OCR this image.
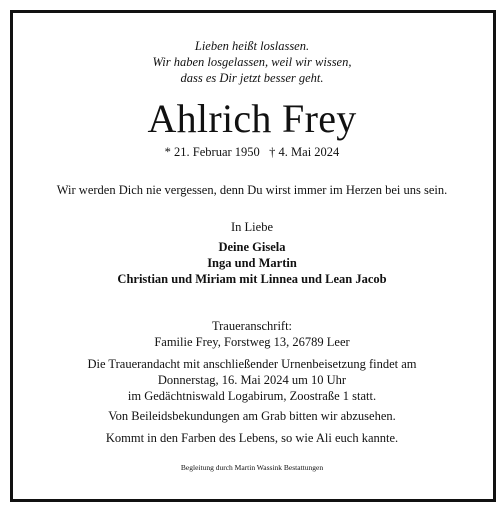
Lieben heißt loslassen.
Wir haben losgelassen, weil wir wissen,
dass es Dir jetzt besser geht.
Ahlrich Frey
* 21. Februar 1950 † 4. Mai 2024
Wir werden Dich nie vergessen, denn Du wirst immer im Herzen bei uns sein.
In Liebe
Deine Gisela
Inga und Martin
Christian und Miriam mit Linnea und Lean Jacob
Traueranschrift:
Familie Frey, Forstweg 13, 26789 Leer
Die Trauerandacht mit anschließender Urnenbeisetzung findet am
Donnerstag, 16. Mai 2024 um 10 Uhr
im Gedächtniswald Logabirum, Zoostraße 1 statt.
Von Beileidsbekundungen am Grab bitten wir abzusehen.
Kommt in den Farben des Lebens, so wie Ali euch kannte.
Begleitung durch Martin Wassink Bestattungen
